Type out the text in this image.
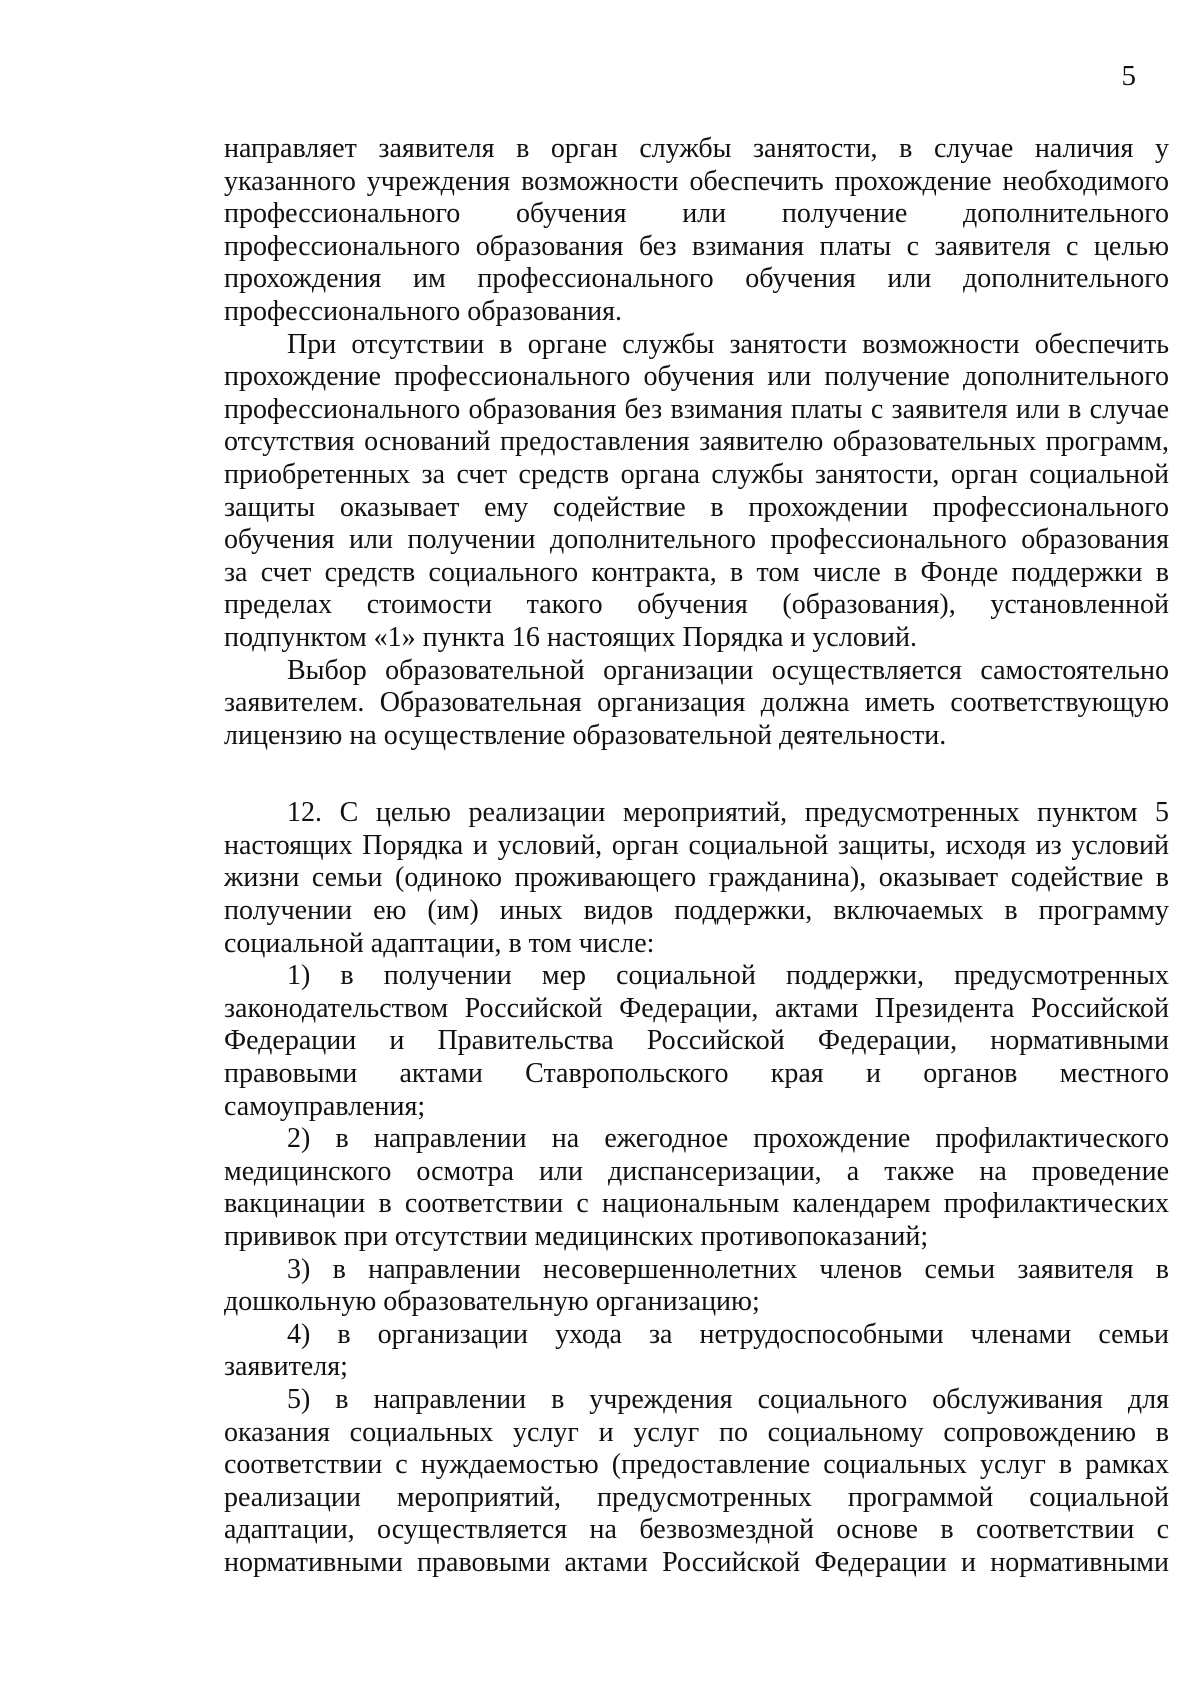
5

направляет заявителя в орган службы занятости, в случае наличия у

указанного учреждения возможности обеспечить прохождение необходимого

профессионального обучения или получение дополнительного

профессионального образования без взимания платы с заявителя с целью

прохождения им профессионального обучения или дополнительного

профессионального образования.

При отсутствии в органе службы занятости возможности обеспечить

прохождение профессионального обучения или получение дополнительного

профессионального образования без взимания платы с заявителя или в случае

отсутствия оснований предоставления заявителю образовательных программ,

приобретенных за счет средств органа службы занятости, орган социальной

защиты оказывает ему содействие в прохождении профессионального

обучения или получении дополнительного профессионального образования

за счет средств социального контракта, в том числе в Фонде поддержки в

пределах стоимости такого обучения (образования), установленной

подпунктом «1» пункта 16 настоящих Порядка и условий.

Выбор образовательной организации осуществляется самостоятельно

заявителем. Образовательная организация должна иметь соответствующую

лицензию на осуществление образовательной деятельности.

12. С целью реализации мероприятий, предусмотренных пунктом 5

настоящих Порядка и условий, орган социальной защиты, исходя из условий

жизни семьи (одиноко проживающего гражданина), оказывает содействие в

получении ею (им) иных видов поддержки, включаемых в программу

социальной адаптации, в том числе:

1) в получении мер социальной поддержки, предусмотренных

законодательством Российской Федерации, актами Президента Российской

Федерации и Правительства Российской Федерации, нормативными

правовыми актами Ставропольского края и органов местного

самоуправления;

2) в направлении на ежегодное прохождение профилактического

медицинского осмотра или диспансеризации, а также на проведение

вакцинации в соответствии с национальным календарем профилактических

прививок при отсутствии медицинских противопоказаний;

3) в направлении несовершеннолетних членов семьи заявителя в

дошкольную образовательную организацию;

4) в организации ухода за нетрудоспособными членами семьи

заявителя;

5) в направлении в учреждения социального обслуживания для

оказания социальных услуг и услуг по социальному сопровождению в

соответствии с нуждаемостью (предоставление социальных услуг в рамках

реализации мероприятий, предусмотренных программой социальной

адаптации, осуществляется на безвозмездной основе в соответствии с

нормативными правовыми актами Российской Федерации и нормативными
